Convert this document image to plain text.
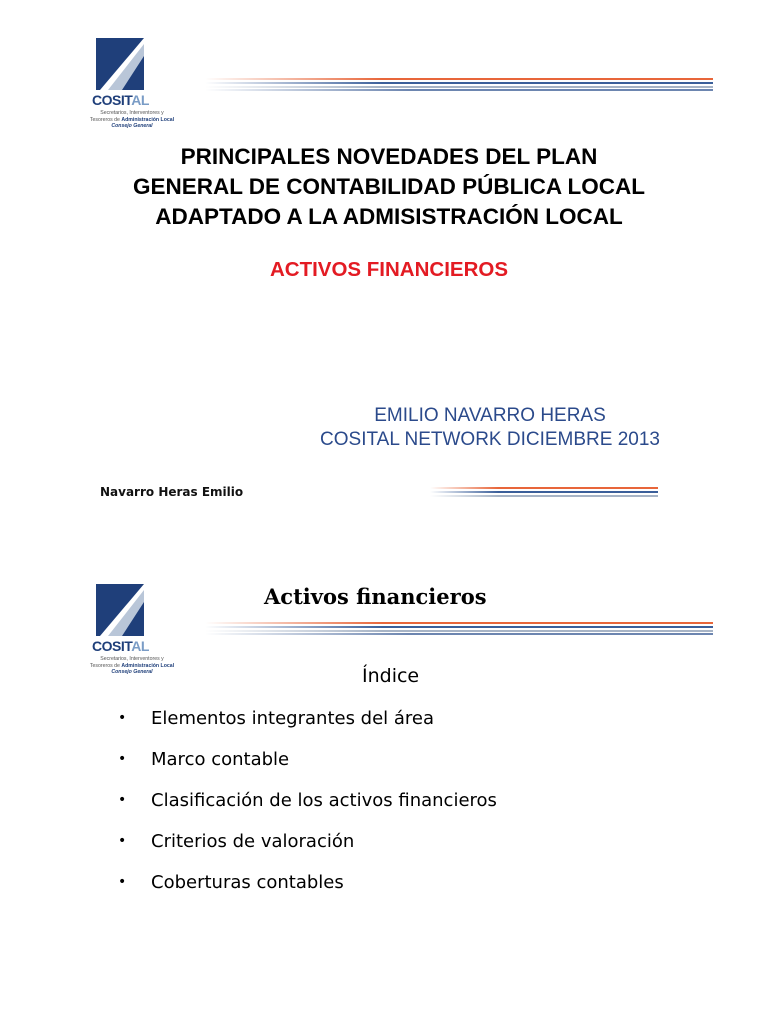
COSITAL
Secretarios, Interventores y
Tesoreros de Administración Local
Consejo General
PRINCIPALES NOVEDADES DEL PLAN
GENERAL DE CONTABILIDAD PÚBLICA LOCAL
ADAPTADO A LA ADMISISTRACIÓN LOCAL
ACTIVOS FINANCIEROS
EMILIO NAVARRO HERAS
COSITAL NETWORK DICIEMBRE 2013
Navarro Heras Emilio
COSITAL
Secretarios, Interventores y
Tesoreros de Administración Local
Consejo General
Activos financieros
Índice
• Elementos integrantes del área
• Marco contable
• Clasificación de los activos financieros
• Criterios de valoración
• Coberturas contables
